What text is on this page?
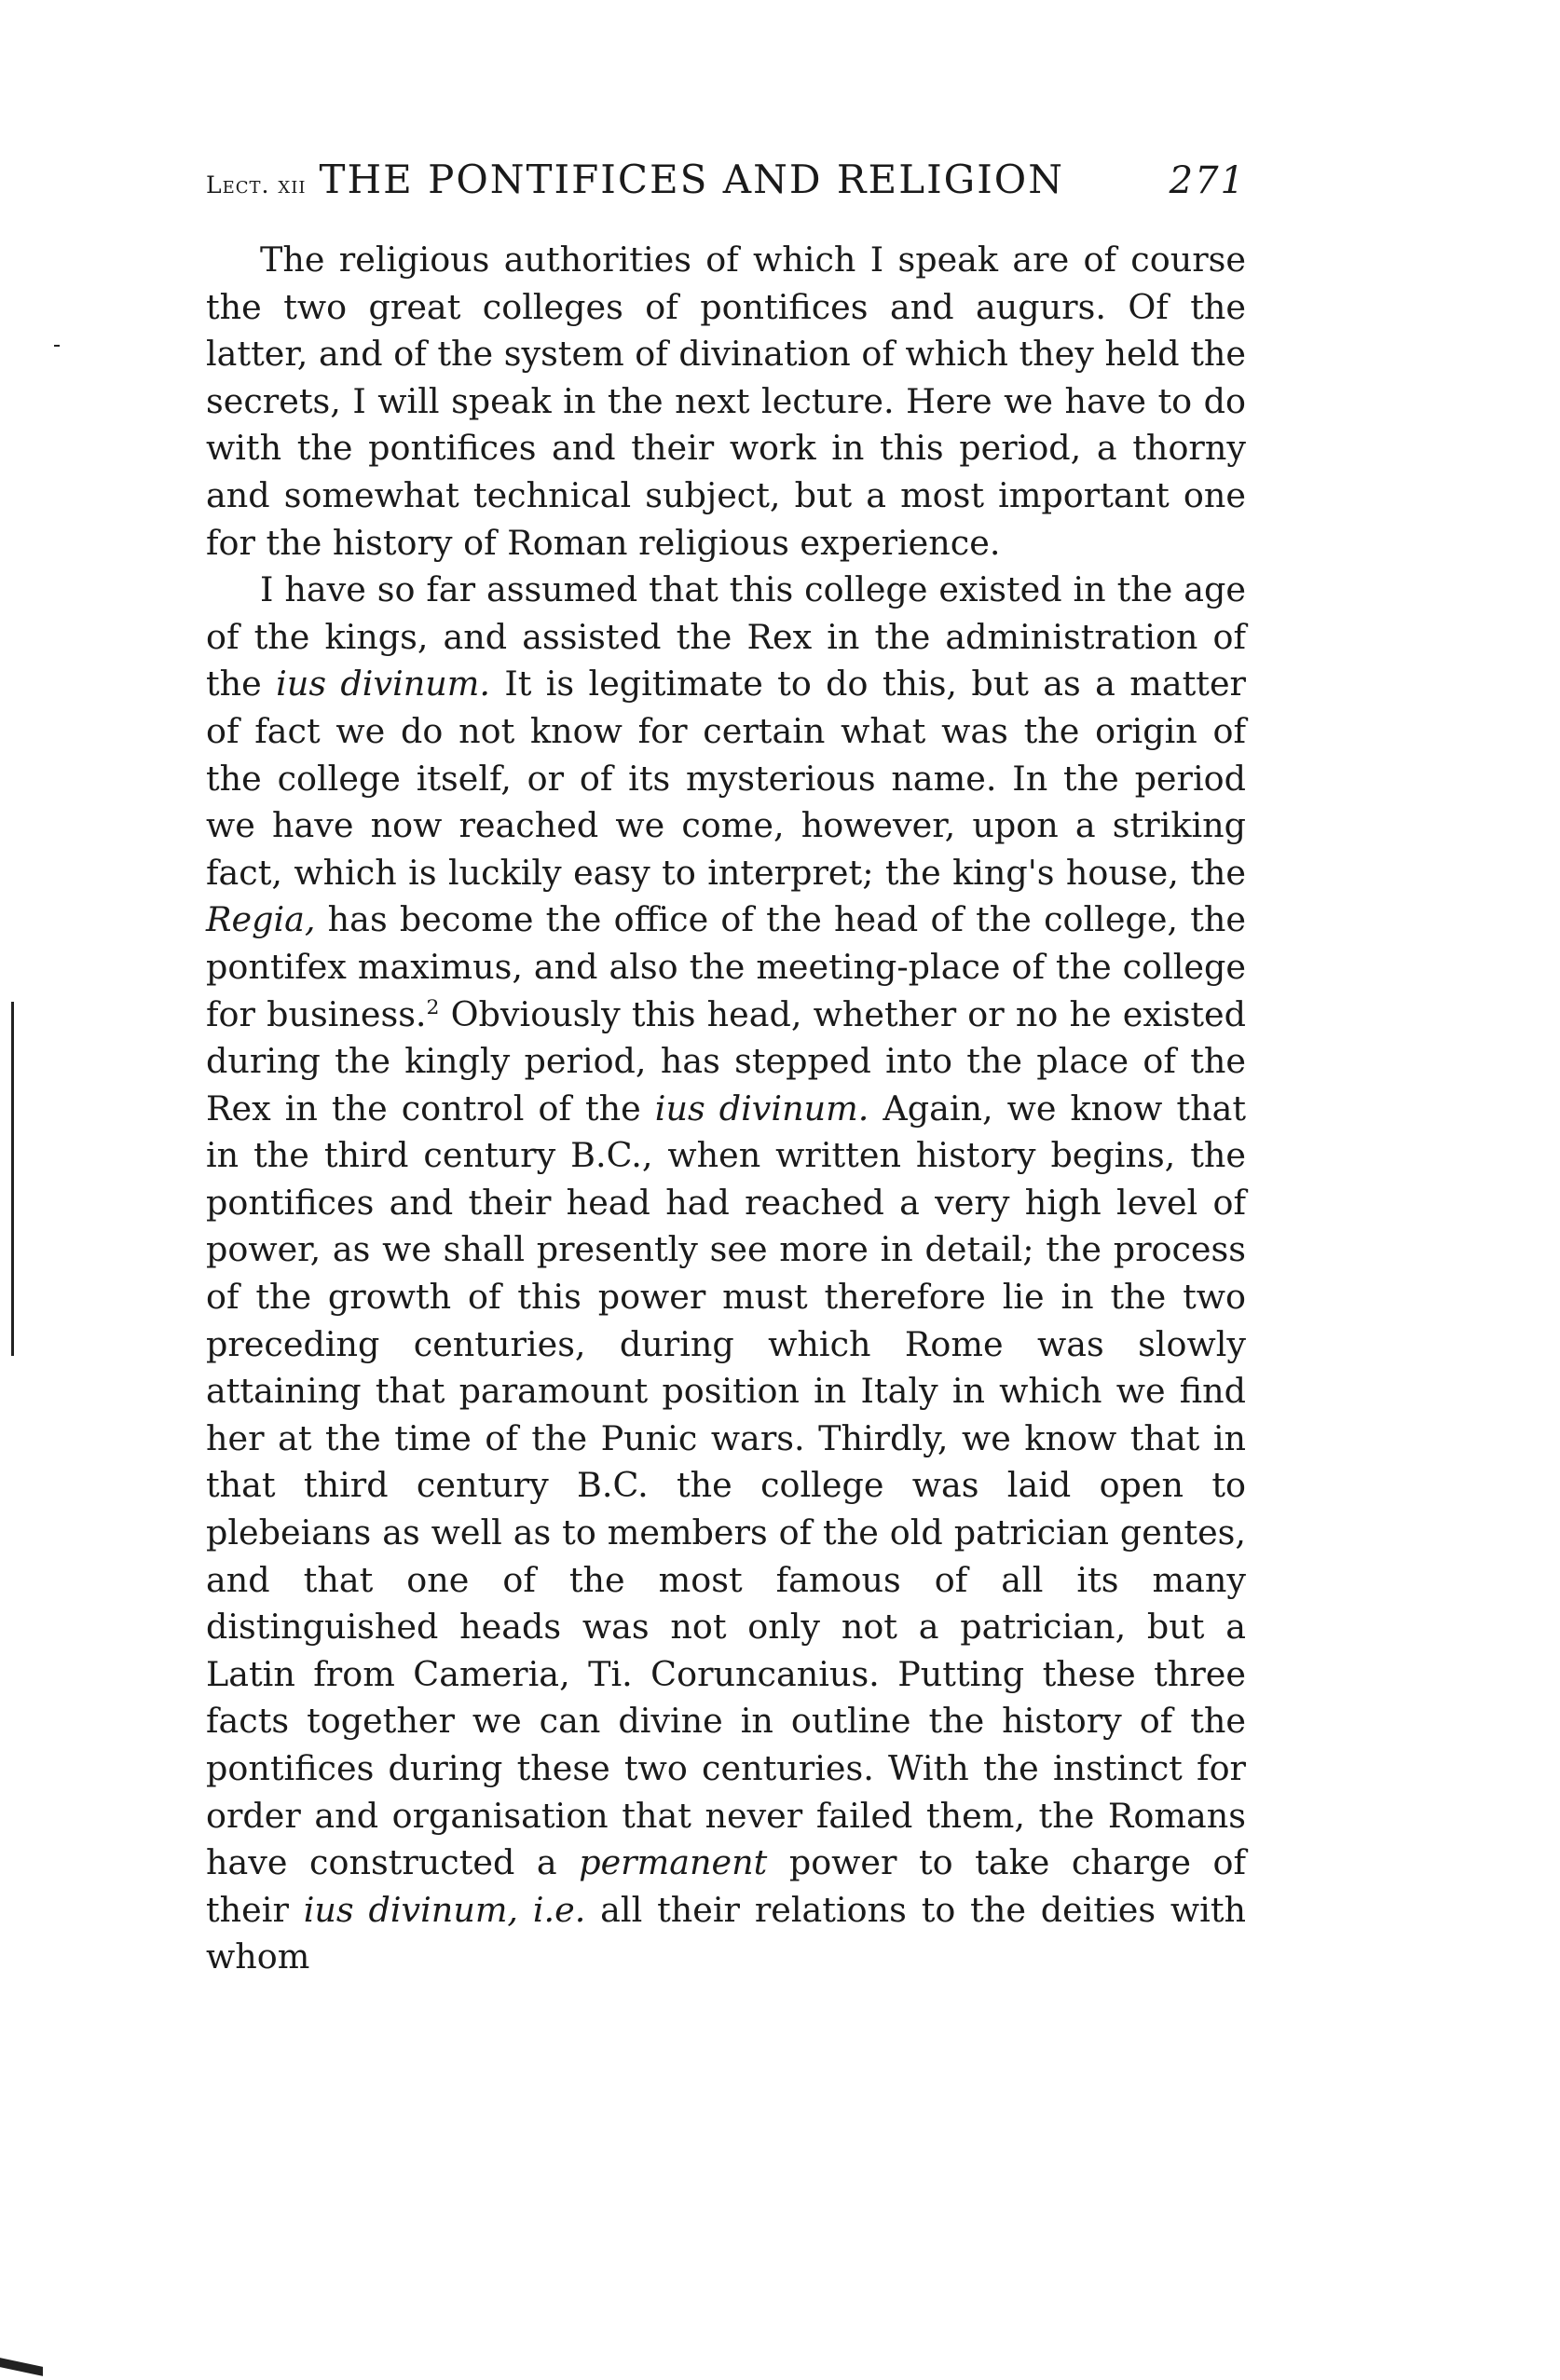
Lect. xii THE PONTIFICES AND RELIGION	271

The religious authorities of which I speak are of course the two great colleges of pontifices and augurs. Of the latter, and of the system of divination of which they held the secrets, I will speak in the next lecture. Here we have to do with the pontifices and their work in this period, a thorny and somewhat technical subject, but a most important one for the history of Roman religious experience.

I have so far assumed that this college existed in the age of the kings, and assisted the Rex in the administration of the ius divinum. It is legitimate to do this, but as a matter of fact we do not know for certain what was the origin of the college itself, or of its mysterious name. In the period we have now reached we come, however, upon a striking fact, which is luckily easy to interpret; the king's house, the Regia, has become the office of the head of the college, the pontifex maximus, and also the meeting-place of the college for business.$^2$ Obviously this head, whether or no he existed during the kingly period, has stepped into the place of the Rex in the control of the ius divinum. Again, we know that in the third century B.C., when written history begins, the pontifices and their head had reached a very high level of power, as we shall presently see more in detail; the process of the growth of this power must therefore lie in the two preceding centuries, during which Rome was slowly attaining that paramount position in Italy in which we find her at the time of the Punic wars. Thirdly, we know that in that third century B.C. the college was laid open to plebeians as well as to members of the old patrician gentes, and that one of the most famous of all its many distinguished heads was not only not a patrician, but a Latin from Cameria, Ti. Coruncanius. Putting these three facts together we can divine in outline the history of the pontifices during these two centuries. With the instinct for order and organisation that never failed them, the Romans have constructed a permanent power to take charge of their ius divinum, i.e. all their relations to the deities with whom
